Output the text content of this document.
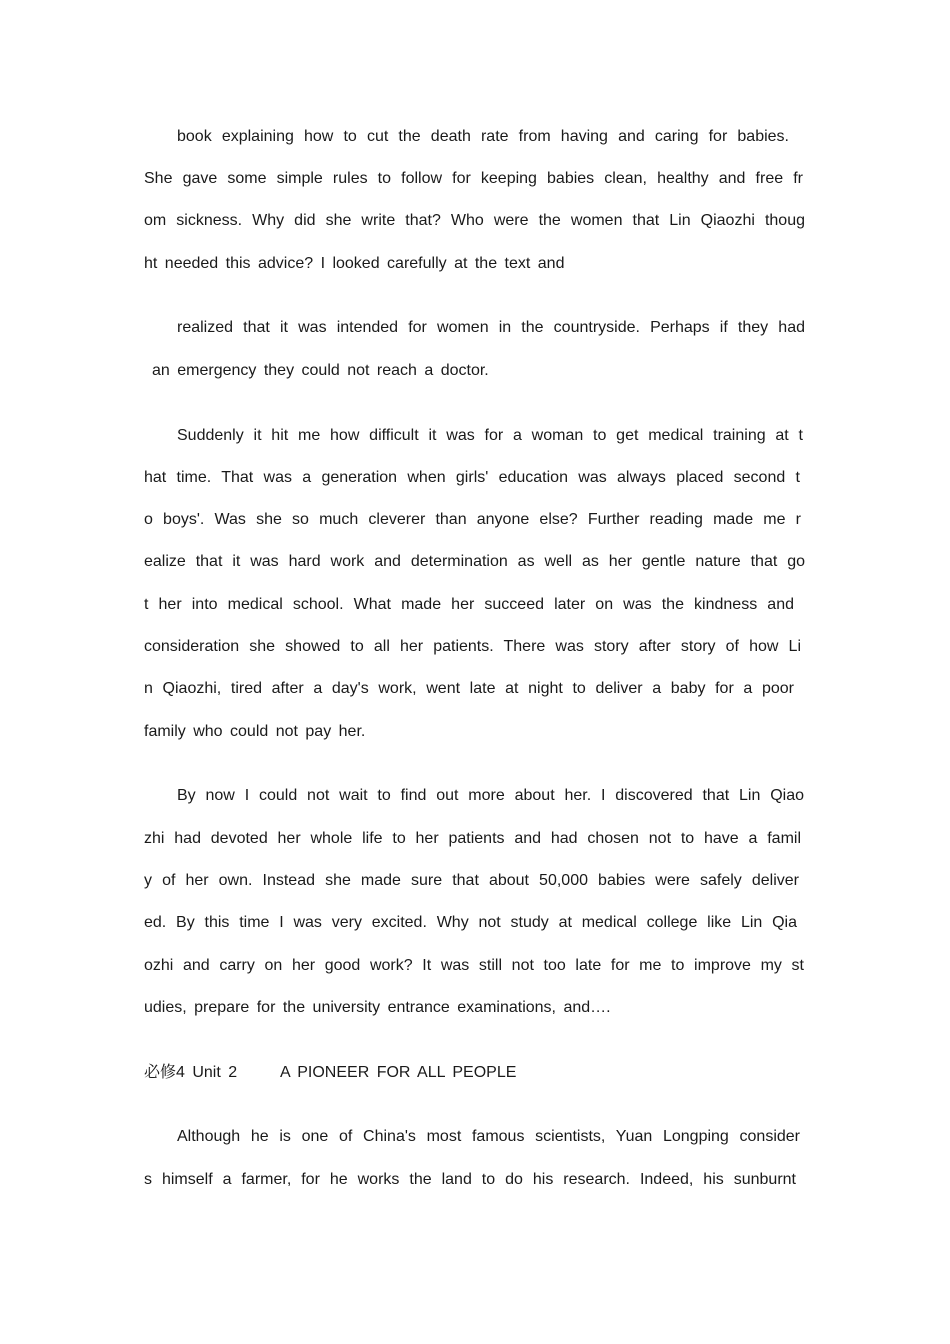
book explaining how to cut the death rate from having and caring for babies.
She gave some simple rules to follow for keeping babies clean, healthy and free fr
om sickness. Why did she write that? Who were the women that Lin Qiaozhi thoug
ht needed this advice? I looked carefully at the text and
realized that it was intended for women in the countryside. Perhaps if they had
an emergency they could not reach a doctor.
Suddenly it hit me how difficult it was for a woman to get medical training at t
hat time. That was a generation when girls' education was always placed second t
o boys'. Was she so much cleverer than anyone else? Further reading made me r
ealize that it was hard work and determination as well as her gentle nature that go
t her into medical school. What made her succeed later on was the kindness and
consideration she showed to all her patients. There was story after story of how Li
n Qiaozhi, tired after a day's work, went late at night to deliver a baby for a poor
family who could not pay her.
By now I could not wait to find out more about her. I discovered that Lin Qiao
zhi had devoted her whole life to her patients and had chosen not to have a famil
y of her own. Instead she made sure that about 50,000 babies were safely deliver
ed. By this time I was very excited. Why not study at medical college like Lin Qia
ozhi and carry on her good work? It was still not too late for me to improve my st
udies, prepare for the university entrance examinations, and….
必修4 Unit 2	A PIONEER FOR ALL PEOPLE
Although he is one of China's most famous scientists, Yuan Longping consider
s himself a farmer, for he works the land to do his research. Indeed, his sunburnt
